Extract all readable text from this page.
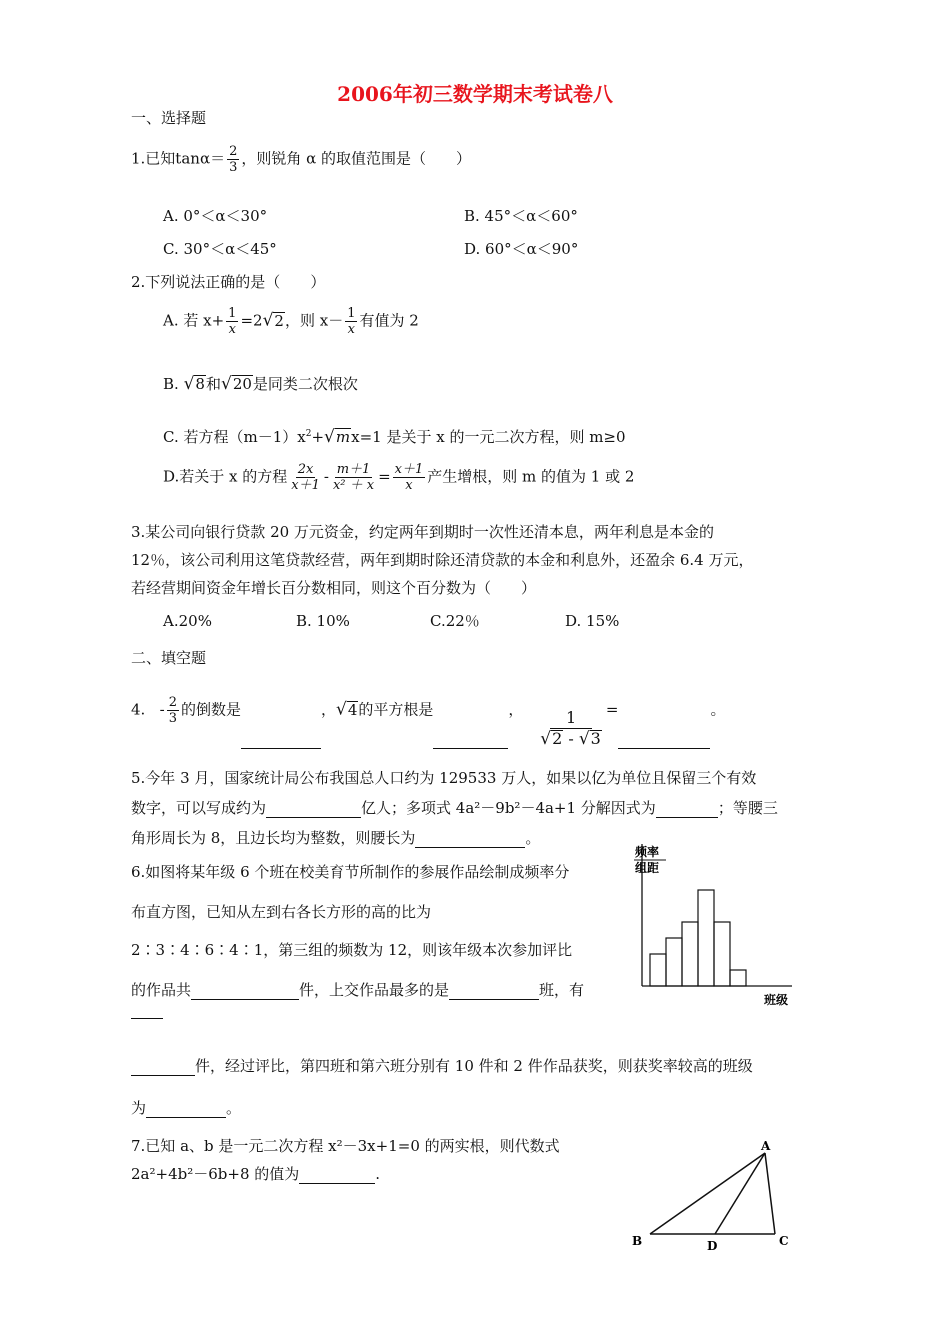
2006年初三数学期末考试卷八
一、选择题
1.已知$\tan\alpha= \frac{2}{3}$ ，则锐角 α 的取值范围是（　　）
A. 0°＜α＜30°	B. 45°＜α＜60°
C. 30°＜α＜45°	D. 60°＜α＜90°
2.下列说法正确的是（　　）
A. 若 $x+ \frac{1}{x} =2√2$，则 $x- \frac{1}{x}$ 有值为 2
B. √8和√20是同类二次根次
C. 若方程$(m-1)x^2+√mx=1$ 是关于 x 的一元二次方程，则 m≥0
D.若关于 x 的方程 $\frac{2x}{x+1} - \frac{m+1}{\text{x² ＋ x}} = \frac{x+1}{x}$ 产生增根，则 m 的值为 1 或 2
3.某公司向银行贷款 20 万元资金，约定两年到期时一次性还清本息，两年利息是本金的
12％，该公司利用这笔贷款经营，两年到期时除还清贷款的本金和利息外，还盈余 6.4 万元，
若经营期间资金年增长百分数相同，则这个百分数为（　　）
A.20%	B. 10%	C.22％	D. 15%
二、填空题
4. - $\frac{2}{3}$ 的倒数是	，√4的平方根是	， $\frac{1}{√2 - √3}$ =	。
5.今年 3 月，国家统计局公布我国总人口约为 129533 万人，如果以亿为单位且保留三个有效
数字，可以写成约为	亿人；多项式 4a²－9b²－4a+1 分解因式为	；等腰三
角形周长为 8，且边长均为整数，则腰长为	。
6.如图将某年级 6 个班在校美育节所制作的参展作品绘制成频率分
布直方图，已知从左到右各长方形的高的比为
2∶3∶4∶6∶4∶1，第三组的频数为 12，则该年级本次参加评比
的作品共	件，上交作品最多的是	班，有
件，经过评比，第四班和第六班分别有 10 件和 2 件作品获奖，则获奖率较高的班级
为	。
频率
组距
班级
7.已知 a、b 是一元二次方程 x²－3x+1=0 的两实根，则代数式
2a²+4b²－6b+8 的值为	.
A
B	C
D
